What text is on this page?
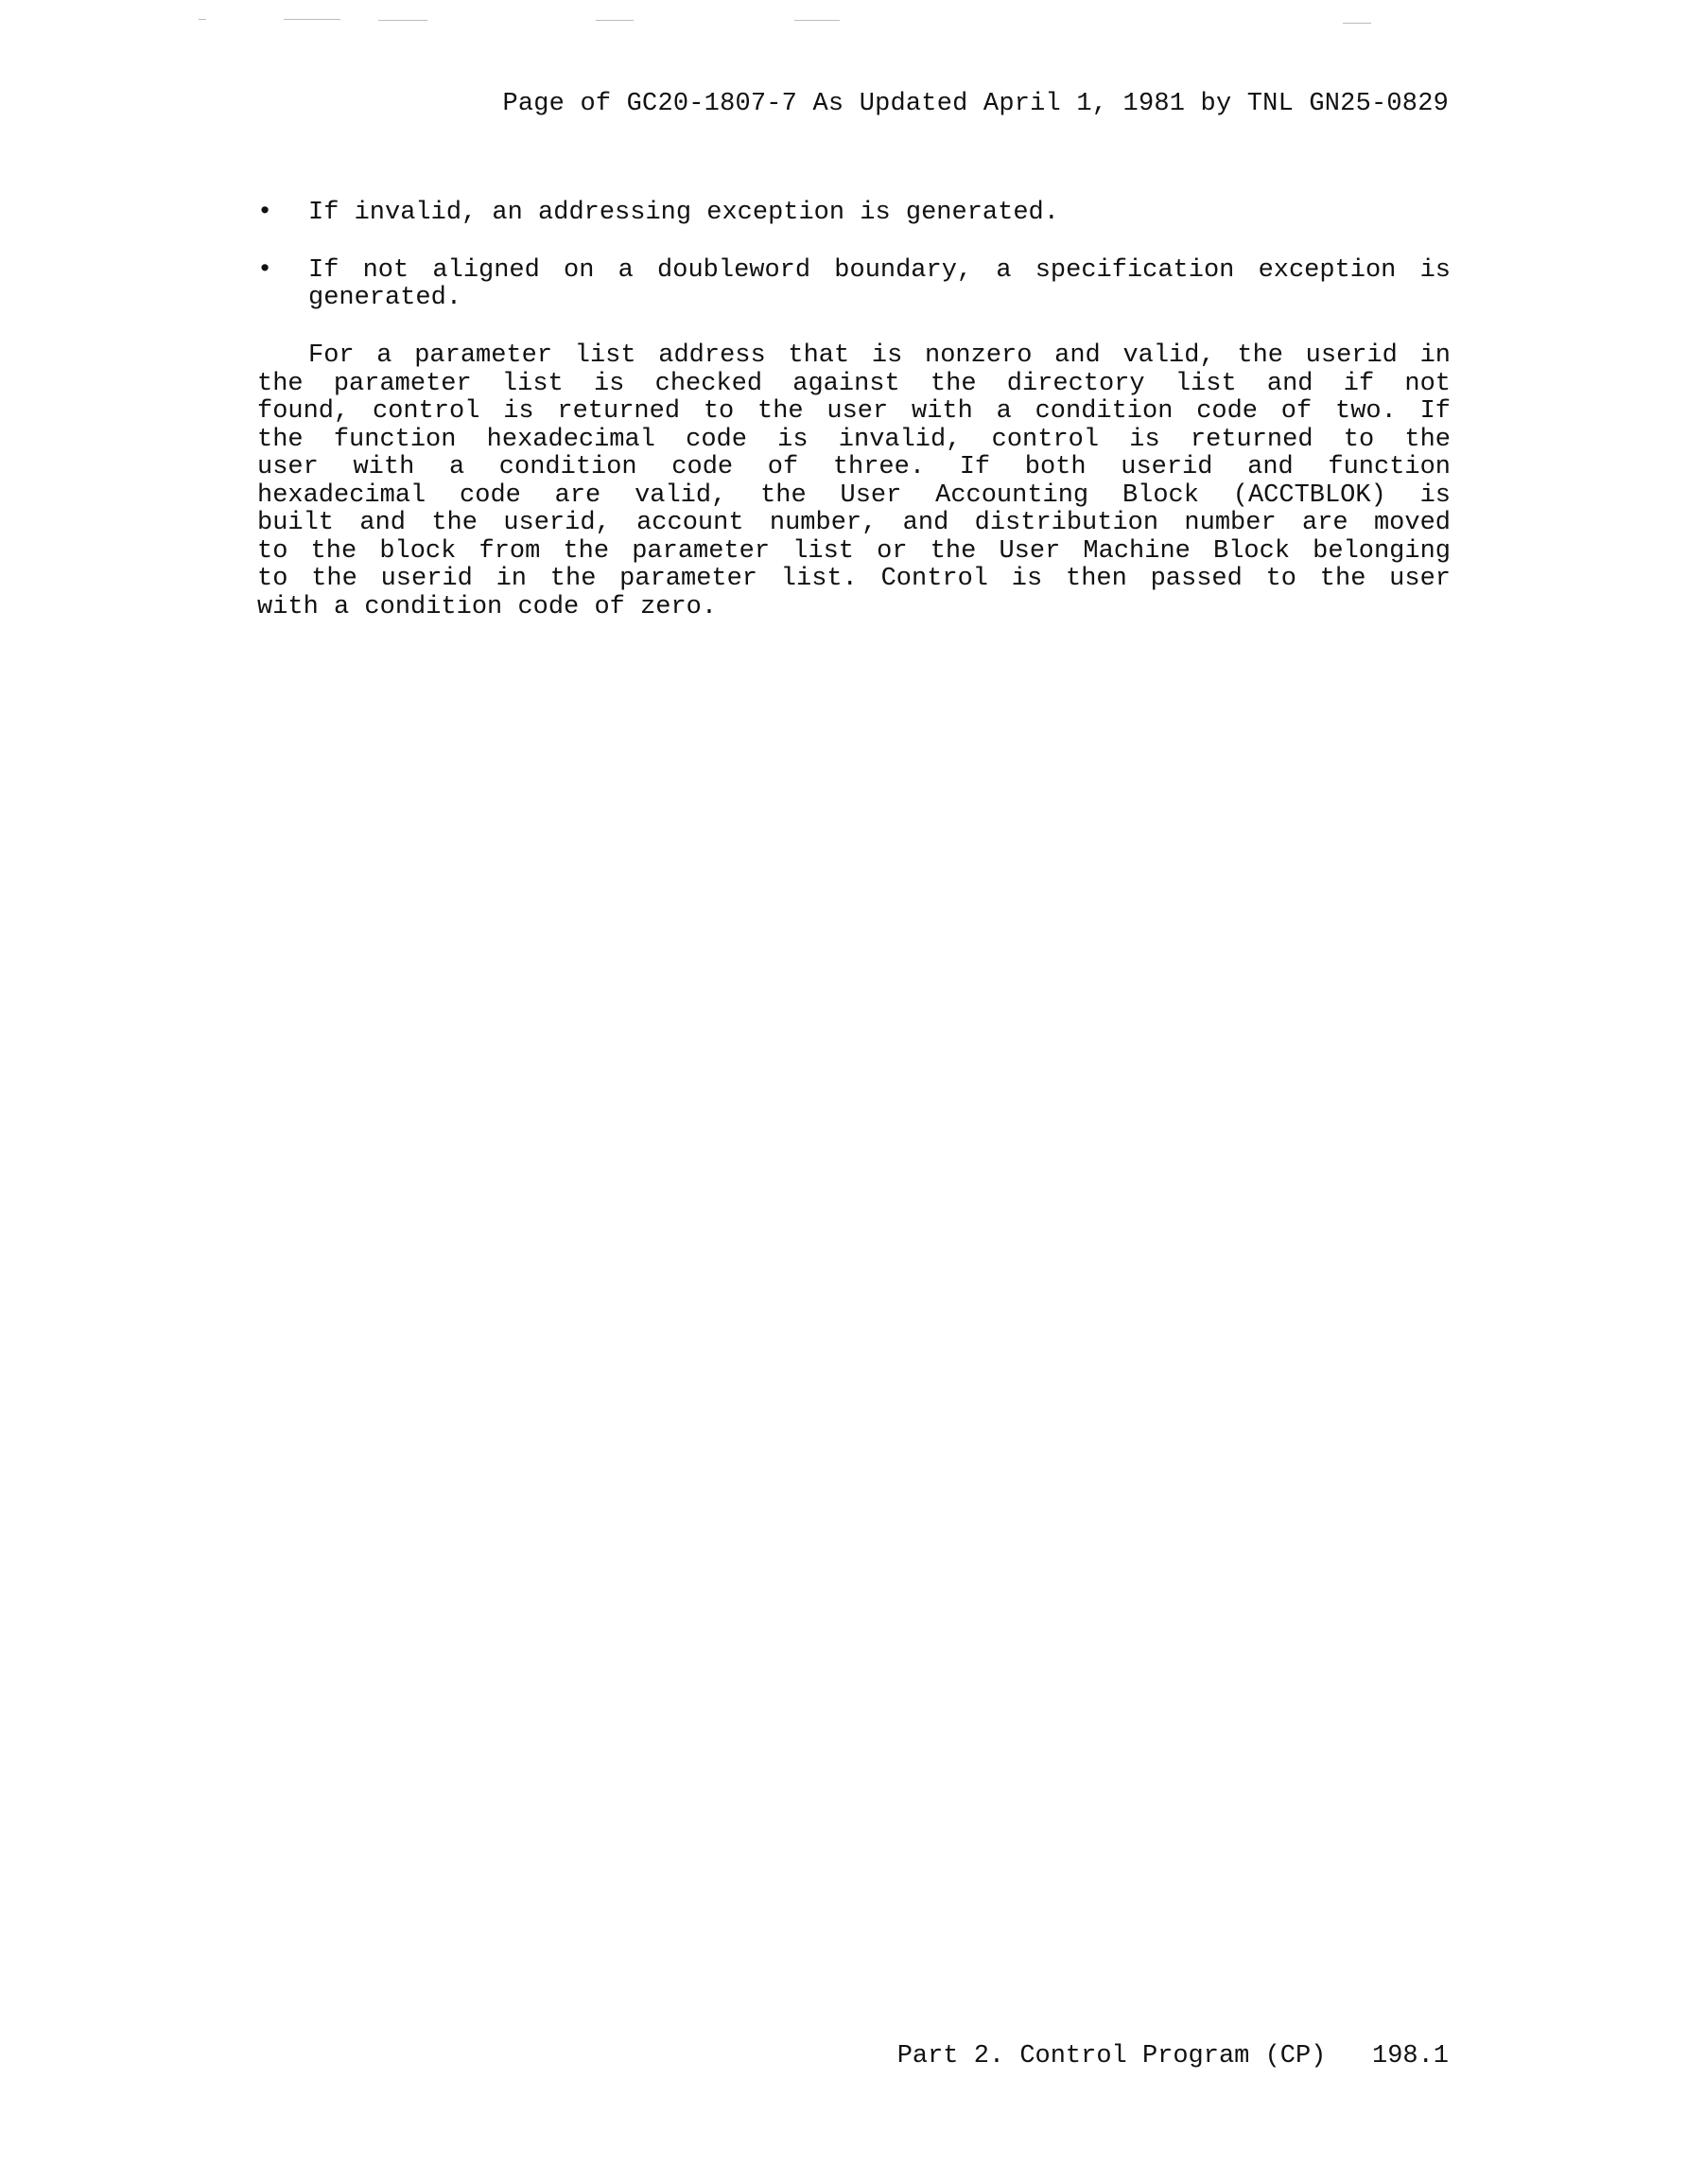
Page of GC20-1807-7 As Updated April 1, 1981 by TNL GN25-0829
• If invalid, an addressing exception is generated.
• If not aligned on a doubleword boundary, a specification exception is generated.
For a parameter list address that is nonzero and valid, the userid in
the parameter list is checked against the directory list and if not
found, control is returned to the user with a condition code of two. If
the function hexadecimal code is invalid, control is returned to the
user with a condition code of three. If both userid and function
hexadecimal code are valid, the User Accounting Block (ACCTBLOK) is
built and the userid, account number, and distribution number are moved
to the block from the parameter list or the User Machine Block belonging
to the userid in the parameter list. Control is then passed to the user
with a condition code of zero.
Part 2. Control Program (CP)   198.1
